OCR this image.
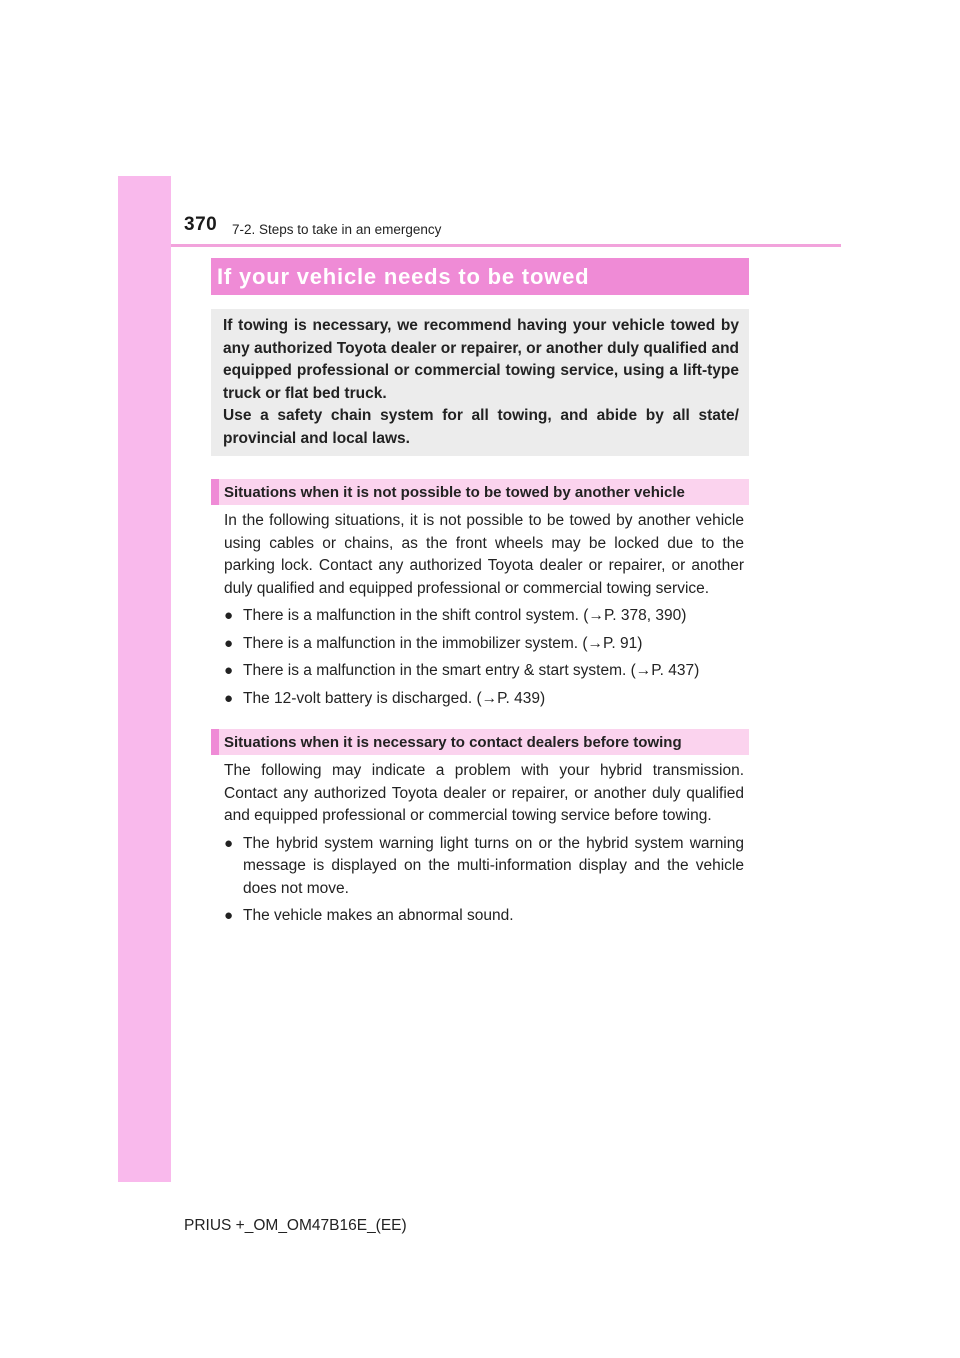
370 7-2. Steps to take in an emergency
If your vehicle needs to be towed

If towing is necessary, we recommend having your vehicle towed by any authorized Toyota dealer or repairer, or another duly qualified and equipped professional or commercial towing service, using a lift-type truck or flat bed truck.

Use a safety chain system for all towing, and abide by all state/ provincial and local laws.

Situations when it is not possible to be towed by another vehicle

In the following situations, it is not possible to be towed by another vehicle using cables or chains, as the front wheels may be locked due to the parking lock. Contact any authorized Toyota dealer or repairer, or another duly qualified and equipped professional or commercial towing service.

● There is a malfunction in the shift control system. (→P. 378, 390)
● There is a malfunction in the immobilizer system. (→P. 91)
● There is a malfunction in the smart entry & start system. (→P. 437)
● The 12-volt battery is discharged. (→P. 439)
Situations when it is necessary to contact dealers before towing

The following may indicate a problem with your hybrid transmission. Contact any authorized Toyota dealer or repairer, or another duly qualified and equipped professional or commercial towing service before towing.

● The hybrid system warning light turns on or the hybrid system warning message is displayed on the multi-information display and the vehicle does not move.
● The vehicle makes an abnormal sound.
PRIUS +_OM_OM47B16E_(EE)
